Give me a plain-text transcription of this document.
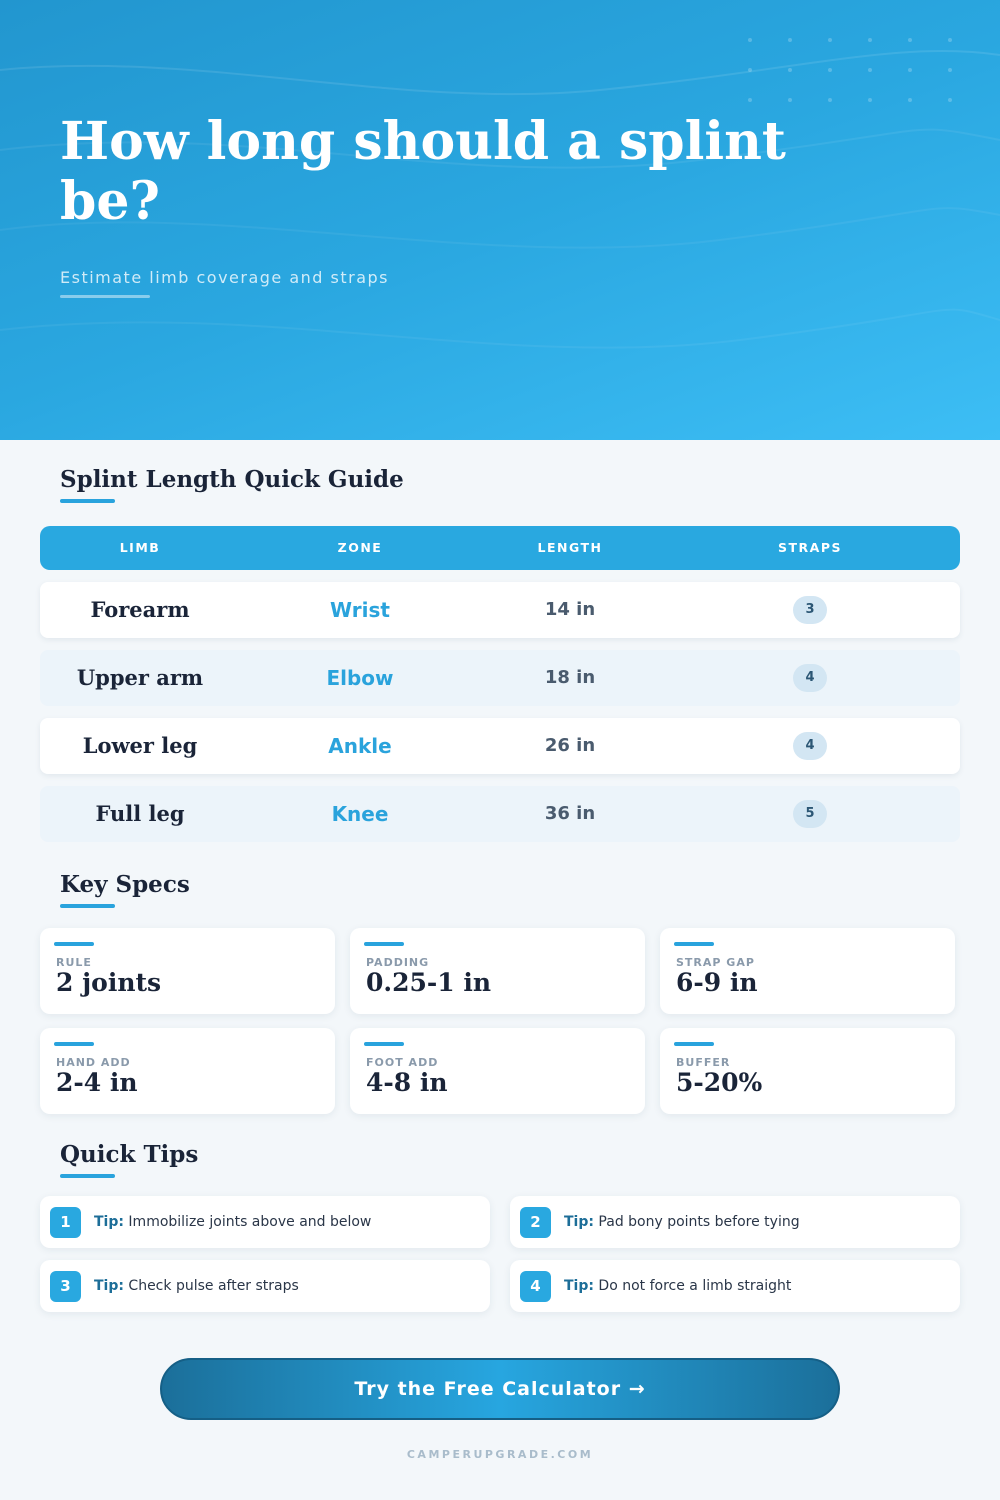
How long should a splint be?
Estimate limb coverage and straps
Splint Length Quick Guide
LIMB	ZONE	LENGTH	STRAPS
Forearm	Wrist	14 in	3
Upper arm	Elbow	18 in	4
Lower leg	Ankle	26 in	4
Full leg	Knee	36 in	5
Key Specs
RULE
2 joints
PADDING
0.25-1 in
STRAP GAP
6-9 in
HAND ADD
2-4 in
FOOT ADD
4-8 in
BUFFER
5-20%
Quick Tips
1	Tip: Immobilize joints above and below	2	Tip: Pad bony points before tying
3	Tip: Check pulse after straps	4	Tip: Do not force a limb straight
Try the Free Calculator →
CAMPERUPGRADE.COM
